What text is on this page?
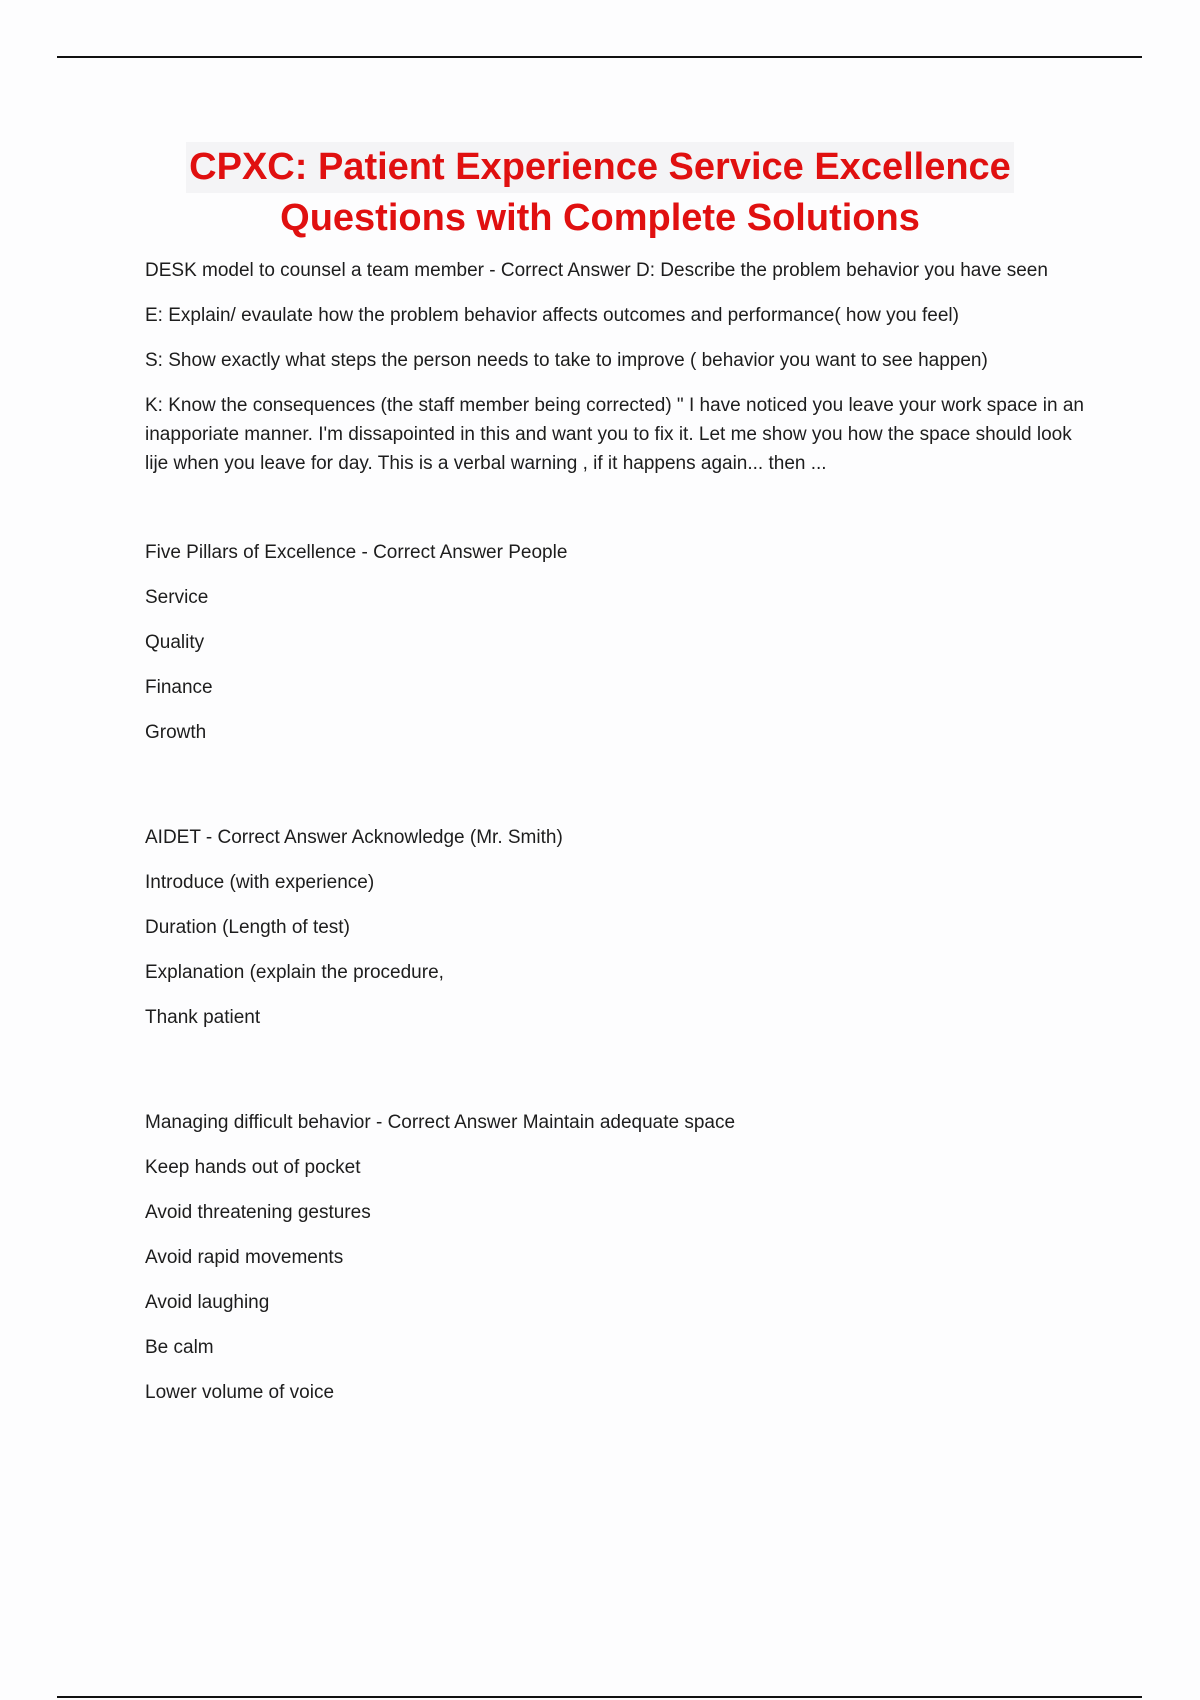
CPXC: Patient Experience Service Excellence
Questions with Complete Solutions

DESK model to counsel a team member - Correct Answer D: Describe the problem behavior you have seen

E: Explain/ evaulate how the problem behavior affects outcomes and performance( how you feel)

S: Show exactly what steps the person needs to take to improve ( behavior you want to see happen)

K: Know the consequences (the staff member being corrected) " I have noticed you leave your work space in an inapporiate manner. I'm dissapointed in this and want you to fix it. Let me show you how the space should look lije when you leave for day. This is a verbal warning , if it happens again... then ...

Five Pillars of Excellence - Correct Answer People

Service

Quality

Finance

Growth

AIDET - Correct Answer Acknowledge (Mr. Smith)

Introduce (with experience)

Duration (Length of test)

Explanation (explain the procedure,

Thank patient

Managing difficult behavior - Correct Answer Maintain adequate space

Keep hands out of pocket

Avoid threatening gestures

Avoid rapid movements

Avoid laughing

Be calm

Lower volume of voice
